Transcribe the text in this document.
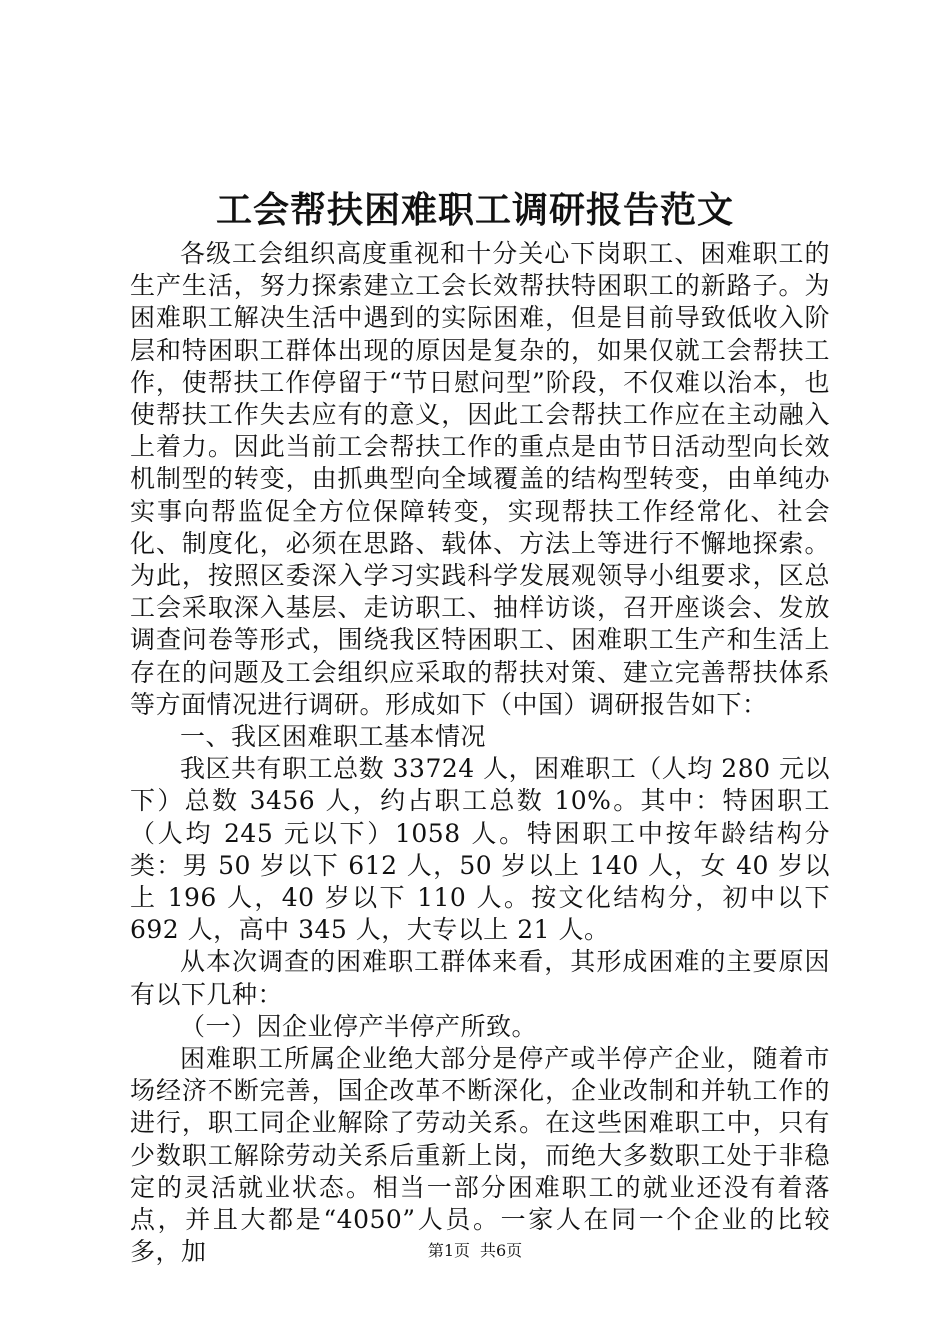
工会帮扶困难职工调研报告范文

各级工会组织高度重视和十分关心下岗职工、困难职工的生产生活，努力探索建立工会长效帮扶特困职工的新路子。为困难职工解决生活中遇到的实际困难，但是目前导致低收入阶层和特困职工群体出现的原因是复杂的，如果仅就工会帮扶工作，使帮扶工作停留于“节日慰问型”阶段，不仅难以治本，也使帮扶工作失去应有的意义，因此工会帮扶工作应在主动融入上着力。因此当前工会帮扶工作的重点是由节日活动型向长效机制型的转变，由抓典型向全域覆盖的结构型转变，由单纯办实事向帮监促全方位保障转变，实现帮扶工作经常化、社会化、制度化，必须在思路、载体、方法上等进行不懈地探索。为此，按照区委深入学习实践科学发展观领导小组要求，区总工会采取深入基层、走访职工、抽样访谈，召开座谈会、发放调查问卷等形式，围绕我区特困职工、困难职工生产和生活上存在的问题及工会组织应采取的帮扶对策、建立完善帮扶体系等方面情况进行调研。形成如下（中国）调研报告如下：

一、我区困难职工基本情况

我区共有职工总数 33724 人，困难职工（人均 280 元以下）总数 3456 人，约占职工总数 10%。其中：特困职工（人均 245 元以下）1058 人。特困职工中按年龄结构分类：男 50 岁以下 612 人，50 岁以上 140 人，女 40 岁以上 196 人，40 岁以下 110 人。按文化结构分，初中以下 692 人，高中 345 人，大专以上 21 人。

从本次调查的困难职工群体来看，其形成困难的主要原因有以下几种：

（一）因企业停产半停产所致。

困难职工所属企业绝大部分是停产或半停产企业，随着市场经济不断完善，国企改革不断深化，企业改制和并轨工作的进行，职工同企业解除了劳动关系。在这些困难职工中，只有少数职工解除劳动关系后重新上岗，而绝大多数职工处于非稳定的灵活就业状态。相当一部分困难职工的就业还没有着落点，并且大都是“4050”人员。一家人在同一个企业的比较多，加	第1页 共6页
